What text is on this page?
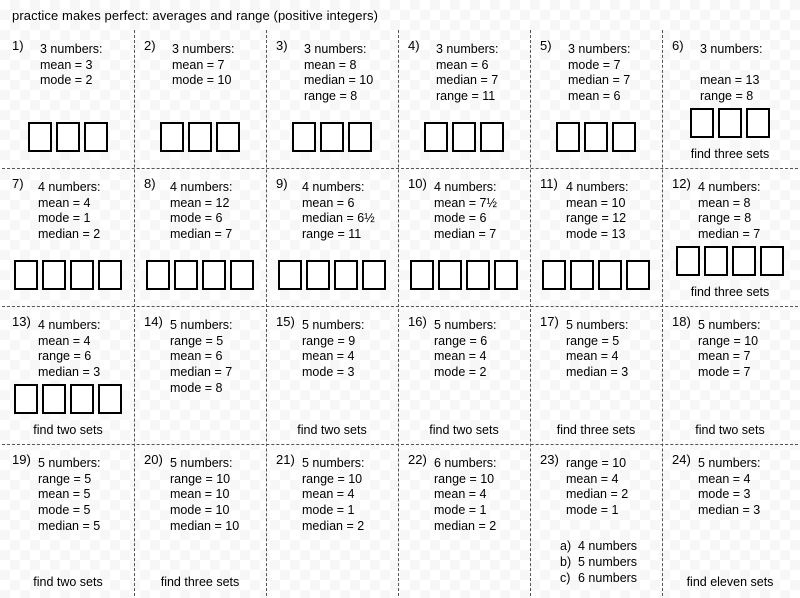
practice makes perfect: averages and range (positive integers)
1) 3 numbers:
mean = 3
mode = 2
2) 3 numbers:
mean = 7
mode = 10
3) 3 numbers:
mean = 8
median = 10
range = 8
4) 3 numbers:
mean = 6
median = 7
range = 11
5) 3 numbers:
mode = 7
median = 7
mean = 6
6) 3 numbers:

mean = 13
range = 8
find three sets
7) 4 numbers:
mean = 4
mode = 1
median = 2
8) 4 numbers:
mean = 12
mode = 6
median = 7
9) 4 numbers:
mean = 6
median = 6½
range = 11
10) 4 numbers:
mean = 7½
mode = 6
median = 7
11) 4 numbers:
mean = 10
range = 12
mode = 13
12) 4 numbers:
mean = 8
range = 8
median = 7
find three sets
13) 4 numbers:
mean = 4
range = 6
median = 3
find two sets
14) 5 numbers:
range = 5
mean = 6
median = 7
mode = 8
15) 5 numbers:
range = 9
mean = 4
mode = 3
find two sets
16) 5 numbers:
range = 6
mean = 4
mode = 2
find two sets
17) 5 numbers:
range = 5
mean = 4
median = 3
find three sets
18) 5 numbers:
range = 10
mean = 7
mode = 7
find two sets
19) 5 numbers:
range = 5
mean = 5
mode = 5
median = 5
find two sets
20) 5 numbers:
range = 10
mean = 10
mode = 10
median = 10
find three sets
21) 5 numbers:
range = 10
mean = 4
mode = 1
median = 2
22) 6 numbers:
range = 10
mean = 4
mode = 1
median = 2
23) range = 10
mean = 4
median = 2
mode = 1
a) 4 numbers
b) 5 numbers
c) 6 numbers
24) 5 numbers:
mean = 4
mode = 3
median = 3
find eleven sets
